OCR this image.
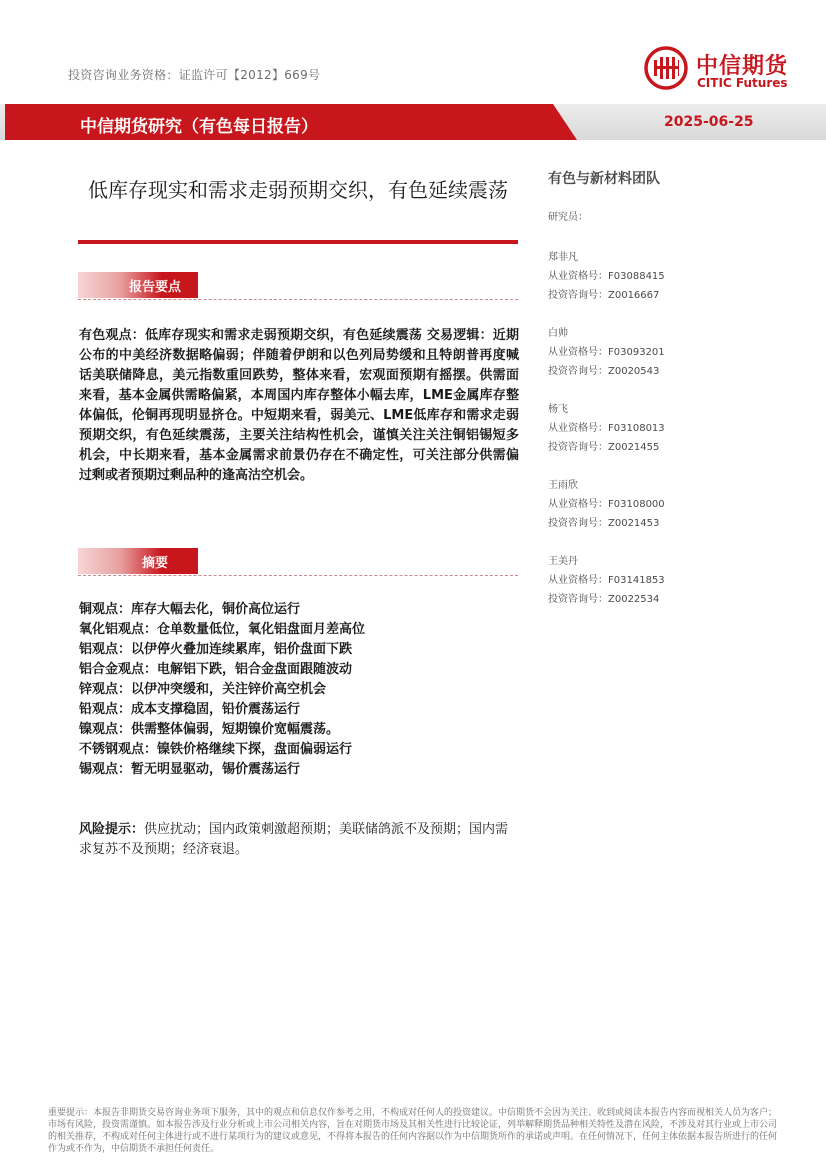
投资咨询业务资格：证监许可【2012】669号	中信期货
CITIC Futures
中信期货研究（有色每日报告）	2025-06-25
低库存现实和需求走弱预期交织，有色延续震荡
报告要点
有色观点：低库存现实和需求走弱预期交织，有色延续震荡 交易逻辑：近期公布的中美经济数据略偏弱；伴随着伊朗和以色列局势缓和且特朗普再度喊话美联储降息，美元指数重回跌势，整体来看，宏观面预期有摇摆。供需面来看，基本金属供需略偏紧，本周国内库存整体小幅去库，LME金属库存整体偏低，伦铜再现明显挤仓。中短期来看，弱美元、LME低库存和需求走弱预期交织，有色延续震荡，主要关注结构性机会，谨慎关注关注铜铝锡短多机会，中长期来看，基本金属需求前景仍存在不确定性，可关注部分供需偏过剩或者预期过剩品种的逢高沽空机会。
摘要
铜观点：库存大幅去化，铜价高位运行
氧化铝观点：仓单数量低位，氧化铝盘面月差高位
铝观点：以伊停火叠加连续累库，铝价盘面下跌
铝合金观点：电解铝下跌，铝合金盘面跟随波动
锌观点：以伊冲突缓和，关注锌价高空机会
铅观点：成本支撑稳固，铅价震荡运行
镍观点：供需整体偏弱，短期镍价宽幅震荡。
不锈钢观点：镍铁价格继续下探，盘面偏弱运行
锡观点：暂无明显驱动，锡价震荡运行
风险提示：供应扰动；国内政策刺激超预期；美联储鸽派不及预期；国内需求复苏不及预期；经济衰退。
有色与新材料团队
研究员：
郑非凡
从业资格号：F03088415
投资咨询号：Z0016667
白帅
从业资格号：F03093201
投资咨询号：Z0020543
杨飞
从业资格号：F03108013
投资咨询号：Z0021455
王雨欣
从业资格号：F03108000
投资咨询号：Z0021453
王美丹
从业资格号：F03141853
投资咨询号：Z0022534
重要提示：本报告非期货交易咨询业务项下服务，其中的观点和信息仅作参考之用，不构成对任何人的投资建议。中信期货不会因为关注、收到或阅读本报告内容而视相关人员为客户；市场有风险，投资需谨慎。如本报告涉及行业分析或上市公司相关内容，旨在对期货市场及其相关性进行比较论证，列举解释期货品种相关特性及潜在风险，不涉及对其行业或上市公司的相关推荐，不构成对任何主体进行或不进行某项行为的建议或意见，不得将本报告的任何内容据以作为中信期货所作的承诺或声明。在任何情况下，任何主体依据本报告所进行的任何作为或不作为，中信期货不承担任何责任。
